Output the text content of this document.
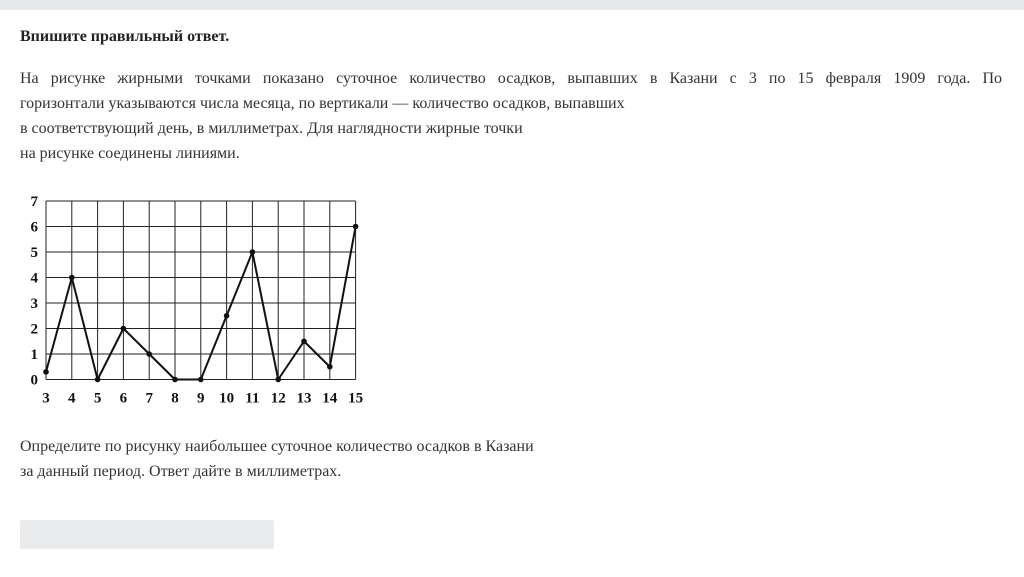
Впишите правильный ответ.
На рисунке жирными точками показано суточное количество осадков, выпавших в Казани с 3 по 15 февраля 1909 года. По
горизонтали указываются числа месяца, по вертикали — количество осадков, выпавших
в соответствующий день, в миллиметрах. Для наглядности жирные точки
на рисунке соединены линиями.
0
1
2
3
4
5
6
7
3 4 5 6 7 8 9 10 11 12 13 14 15
Определите по рисунку наибольшее суточное количество осадков в Казани
за данный период. Ответ дайте в миллиметрах.
